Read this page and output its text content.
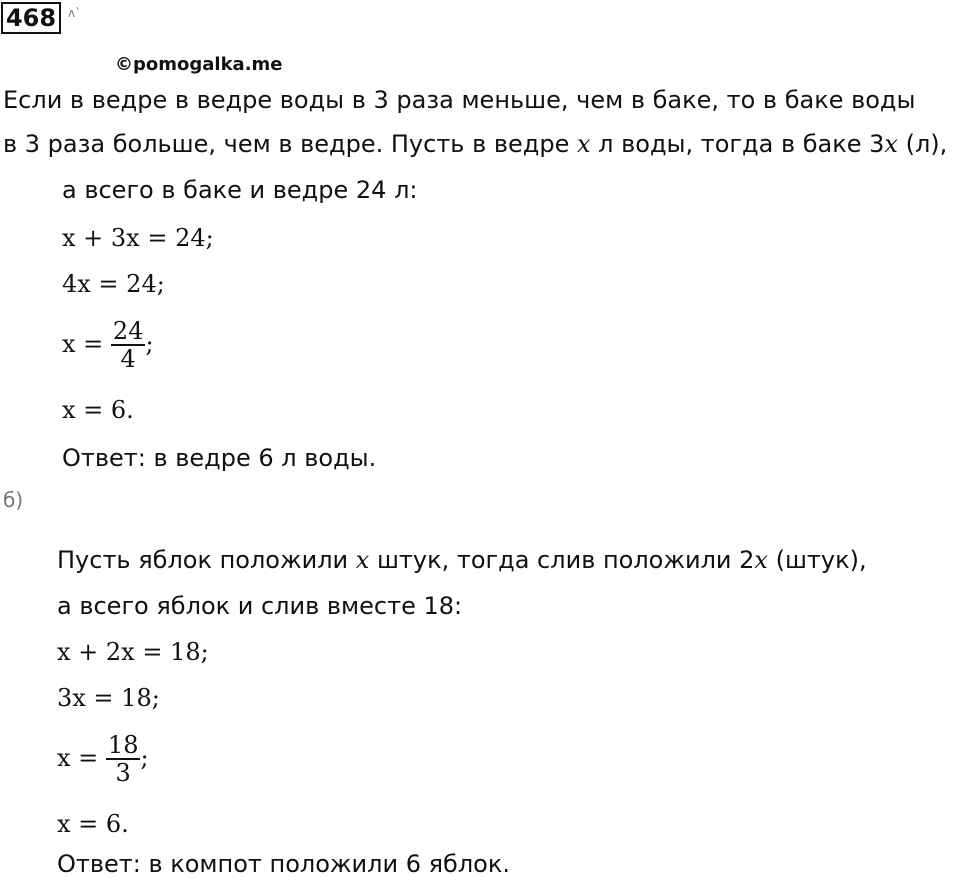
468 ᴧ`
©pomogalka.me
Если в ведре в ведре воды в 3 раза меньше, чем в баке, то в баке воды
в 3 раза больше, чем в ведре. Пусть в ведре x л воды, тогда в баке 3x (л),
а всего в баке и ведре 24 л:
x + 3x = 24;
4x = 24;
$x = \frac{24}{4}$ ;
x = 6.
Ответ: в ведре 6 л воды.
б)
Пусть яблок положили x штук, тогда слив положили 2x (штук),
а всего яблок и слив вместе 18:
x + 2x = 18;
3x = 18;
$x = \frac{18}{3}$ ;
x = 6.
Ответ: в компот положили 6 яблок.
